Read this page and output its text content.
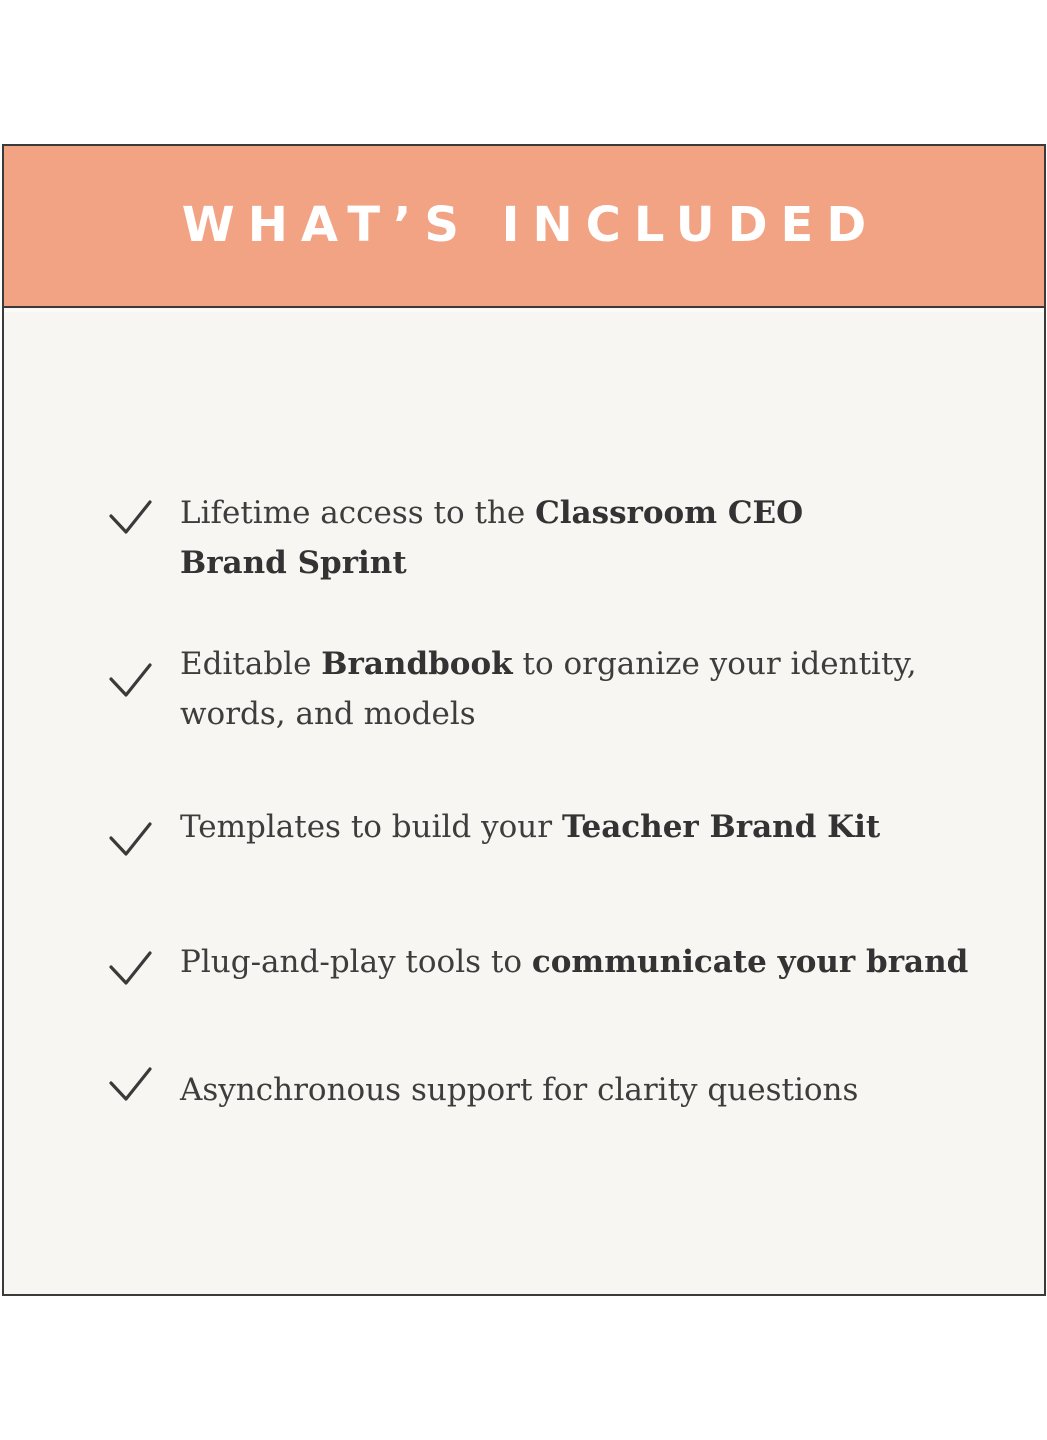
WHAT’S INCLUDED
Lifetime access to the Classroom CEO Brand Sprint
Editable Brandbook to organize your identity, words, and models
Templates to build your Teacher Brand Kit
Plug-and-play tools to communicate your brand
Asynchronous support for clarity questions
